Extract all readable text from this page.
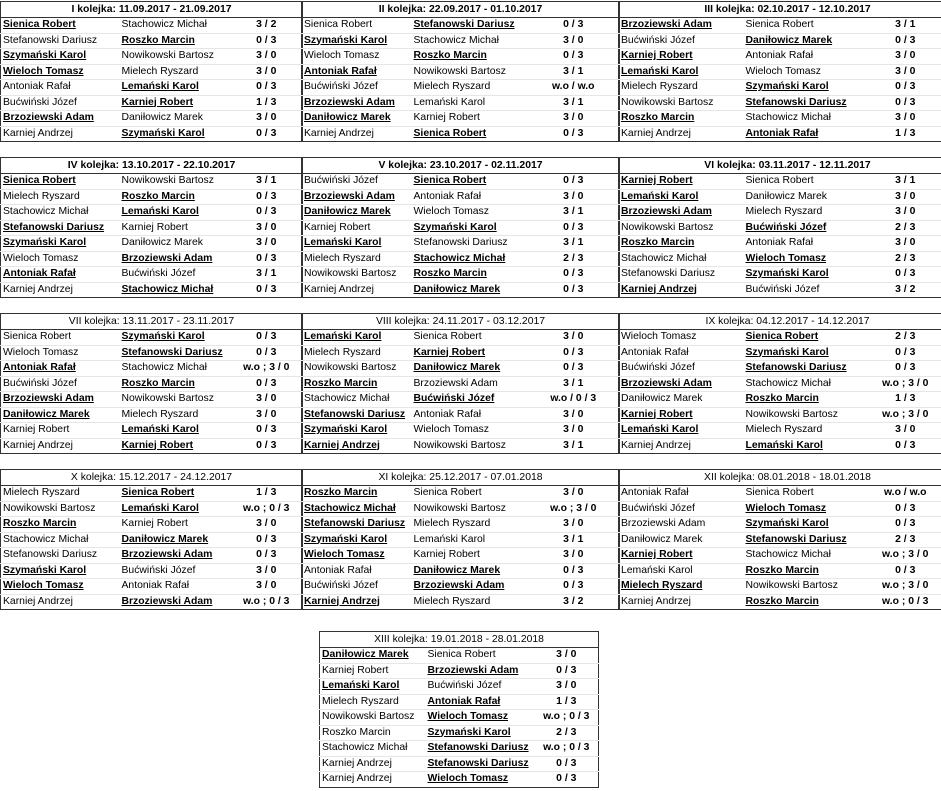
I kolejka: 11.09.2017 - 21.09.2017		
Sienica Robert	Stachowicz Michał	3 / 2
Stefanowski Dariusz	Roszko Marcin	0 / 3
Szymański Karol	Nowikowski Bartosz	3 / 0
Wieloch Tomasz	Mielech Ryszard	3 / 0
Antoniak Rafał	Lemański Karol	0 / 3
Bućwiński Józef	Karniej Robert	1 / 3
Brzoziewski Adam	Daniłowicz Marek	3 / 0
Karniej Andrzej	Szymański Karol	0 / 3
II kolejka: 22.09.2017 - 01.10.2017		
Sienica Robert	Stefanowski Dariusz	0 / 3
Szymański Karol	Stachowicz Michał	3 / 0
Wieloch Tomasz	Roszko Marcin	0 / 3
Antoniak Rafał	Nowikowski Bartosz	3 / 1
Bućwiński Józef	Mielech Ryszard	w.o / w.o
Brzoziewski Adam	Lemański Karol	3 / 1
Daniłowicz Marek	Karniej Robert	3 / 0
Karniej Andrzej	Sienica Robert	0 / 3
III kolejka: 02.10.2017 - 12.10.2017		
Brzoziewski Adam	Sienica Robert	3 / 1
Bućwiński Józef	Daniłowicz Marek	0 / 3
Karniej Robert	Antoniak Rafał	3 / 0
Lemański Karol	Wieloch Tomasz	3 / 0
Mielech Ryszard	Szymański Karol	0 / 3
Nowikowski Bartosz	Stefanowski Dariusz	0 / 3
Roszko Marcin	Stachowicz Michał	3 / 0
Karniej Andrzej	Antoniak Rafał	1 / 3
IV kolejka: 13.10.2017 - 22.10.2017		
Sienica Robert	Nowikowski Bartosz	3 / 1
Mielech Ryszard	Roszko Marcin	0 / 3
Stachowicz Michał	Lemański Karol	0 / 3
Stefanowski Dariusz	Karniej Robert	3 / 0
Szymański Karol	Daniłowicz Marek	3 / 0
Wieloch Tomasz	Brzoziewski Adam	0 / 3
Antoniak Rafał	Bućwiński Józef	3 / 1
Karniej Andrzej	Stachowicz Michał	0 / 3
V kolejka: 23.10.2017 - 02.11.2017		
Bućwiński Józef	Sienica Robert	0 / 3
Brzoziewski Adam	Antoniak Rafał	3 / 0
Daniłowicz Marek	Wieloch Tomasz	3 / 1
Karniej Robert	Szymański Karol	0 / 3
Lemański Karol	Stefanowski Dariusz	3 / 1
Mielech Ryszard	Stachowicz Michał	2 / 3
Nowikowski Bartosz	Roszko Marcin	0 / 3
Karniej Andrzej	Daniłowicz Marek	0 / 3
VI kolejka: 03.11.2017 - 12.11.2017		
Karniej Robert	Sienica Robert	3 / 1
Lemański Karol	Daniłowicz Marek	3 / 0
Brzoziewski Adam	Mielech Ryszard	3 / 0
Nowikowski Bartosz	Bućwiński Józef	2 / 3
Roszko Marcin	Antoniak Rafał	3 / 0
Stachowicz Michał	Wieloch Tomasz	2 / 3
Stefanowski Dariusz	Szymański Karol	0 / 3
Karniej Andrzej	Bućwiński Józef	3 / 2
VII kolejka: 13.11.2017 - 23.11.2017		
Sienica Robert	Szymański Karol	0 / 3
Wieloch Tomasz	Stefanowski Dariusz	0 / 3
Antoniak Rafał	Stachowicz Michał	w.o ; 3 / 0
Bućwiński Józef	Roszko Marcin	0 / 3
Brzoziewski Adam	Nowikowski Bartosz	3 / 0
Daniłowicz Marek	Mielech Ryszard	3 / 0
Karniej Robert	Lemański Karol	0 / 3
Karniej Andrzej	Karniej Robert	0 / 3
VIII kolejka: 24.11.2017 - 03.12.2017		
Lemański Karol	Sienica Robert	3 / 0
Mielech Ryszard	Karniej Robert	0 / 3
Nowikowski Bartosz	Daniłowicz Marek	0 / 3
Roszko Marcin	Brzoziewski Adam	3 / 1
Stachowicz Michał	Bućwiński Józef	w.o / 0 / 3
Stefanowski Dariusz	Antoniak Rafał	3 / 0
Szymański Karol	Wieloch Tomasz	3 / 0
Karniej Andrzej	Nowikowski Bartosz	3 / 1
IX kolejka: 04.12.2017 - 14.12.2017		
Wieloch Tomasz	Sienica Robert	2 / 3
Antoniak Rafał	Szymański Karol	0 / 3
Bućwiński Józef	Stefanowski Dariusz	0 / 3
Brzoziewski Adam	Stachowicz Michał	w.o ; 3 / 0
Daniłowicz Marek	Roszko Marcin	1 / 3
Karniej Robert	Nowikowski Bartosz	w.o ; 3 / 0
Lemański Karol	Mielech Ryszard	3 / 0
Karniej Andrzej	Lemański Karol	0 / 3
X kolejka: 15.12.2017 - 24.12.2017		
Mielech Ryszard	Sienica Robert	1 / 3
Nowikowski Bartosz	Lemański Karol	w.o ; 0 / 3
Roszko Marcin	Karniej Robert	3 / 0
Stachowicz Michał	Daniłowicz Marek	0 / 3
Stefanowski Dariusz	Brzoziewski Adam	0 / 3
Szymański Karol	Bućwiński Józef	3 / 0
Wieloch Tomasz	Antoniak Rafał	3 / 0
Karniej Andrzej	Brzoziewski Adam	w.o ; 0 / 3
XI kolejka: 25.12.2017 - 07.01.2018		
Roszko Marcin	Sienica Robert	3 / 0
Stachowicz Michał	Nowikowski Bartosz	w.o ; 3 / 0
Stefanowski Dariusz	Mielech Ryszard	3 / 0
Szymański Karol	Lemański Karol	3 / 1
Wieloch Tomasz	Karniej Robert	3 / 0
Antoniak Rafał	Daniłowicz Marek	0 / 3
Bućwiński Józef	Brzoziewski Adam	0 / 3
Karniej Andrzej	Mielech Ryszard	3 / 2
XII kolejka: 08.01.2018 - 18.01.2018		
Antoniak Rafał	Sienica Robert	w.o / w.o
Bućwiński Józef	Wieloch Tomasz	0 / 3
Brzoziewski Adam	Szymański Karol	0 / 3
Daniłowicz Marek	Stefanowski Dariusz	2 / 3
Karniej Robert	Stachowicz Michał	w.o ; 3 / 0
Lemański Karol	Roszko Marcin	0 / 3
Mielech Ryszard	Nowikowski Bartosz	w.o ; 3 / 0
Karniej Andrzej	Roszko Marcin	w.o ; 0 / 3
XIII kolejka: 19.01.2018 - 28.01.2018		
Daniłowicz Marek	Sienica Robert	3 / 0
Karniej Robert	Brzoziewski Adam	0 / 3
Lemański Karol	Bućwiński Józef	3 / 0
Mielech Ryszard	Antoniak Rafał	1 / 3
Nowikowski Bartosz	Wieloch Tomasz	w.o ; 0 / 3
Roszko Marcin	Szymański Karol	2 / 3
Stachowicz Michał	Stefanowski Dariusz	w.o ; 0 / 3
Karniej Andrzej	Stefanowski Dariusz	0 / 3
Karniej Andrzej	Wieloch Tomasz	0 / 3
